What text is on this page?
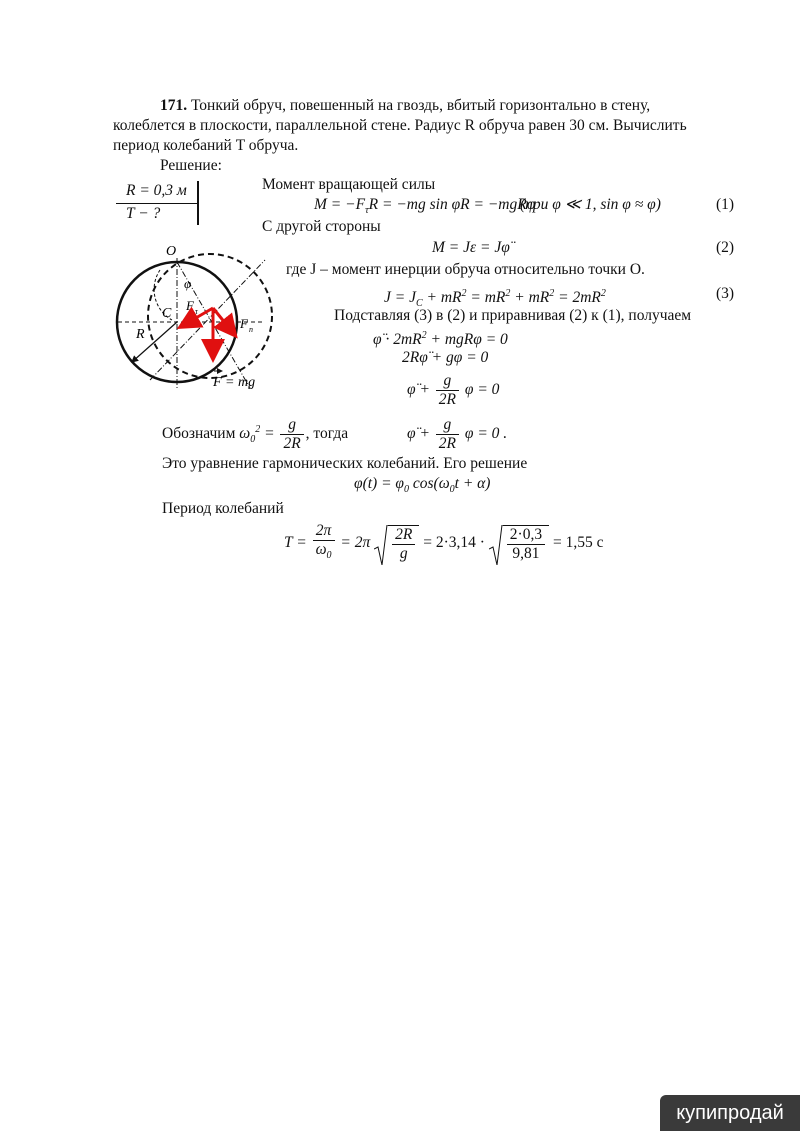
171. Тонкий обруч, повешенный на гвоздь, вбитый горизонтально в стену,
колеблется в плоскости, параллельной стене. Радиус R обруча равен 30 см. Вычислить
период колебаний T обруча.
Решение:
R = 0,3 м
T − ?
Момент вращающей силы
$M = -F_\tau R = -mg$ sin φR = −mgRφ
(при φ ≪ 1, sin φ ≈ φ)	(1)
С другой стороны
M = Jε = Jφ̈	(2)
где J – момент инерции обруча относительно точки O.
$J = J_C + mR^2 = mR^2 + mR^2 = 2mR^2$	(3)
Подставляя (3) в (2) и приравнивая (2) к (1), получаем
φ̈ · $2mR^2 + mgR\varphi = 0$
2Rφ̈ + gφ = 0
φ̈ + $\frac{g}{2R}$ φ = 0
Обозначим $\omega_0^2 = \frac{g}{2R}$ , тогда	φ̈ + $\frac{g}{2R}$ φ = 0 .
Это уравнение гармонических колебаний. Его решение
$\varphi(t) = \varphi_0$ $\cos(\omega_0t + \alpha)$
Период колебаний
$T = \frac{2\pi}{\omega_0} = 2\pi \frac{2R}{g} = 2\cdot 3,14 \cdot \frac{2\cdot 0,3}{9,81} = 1,55$ с
O
φ
F τ
C
R
F n
F = mg
купипродай
